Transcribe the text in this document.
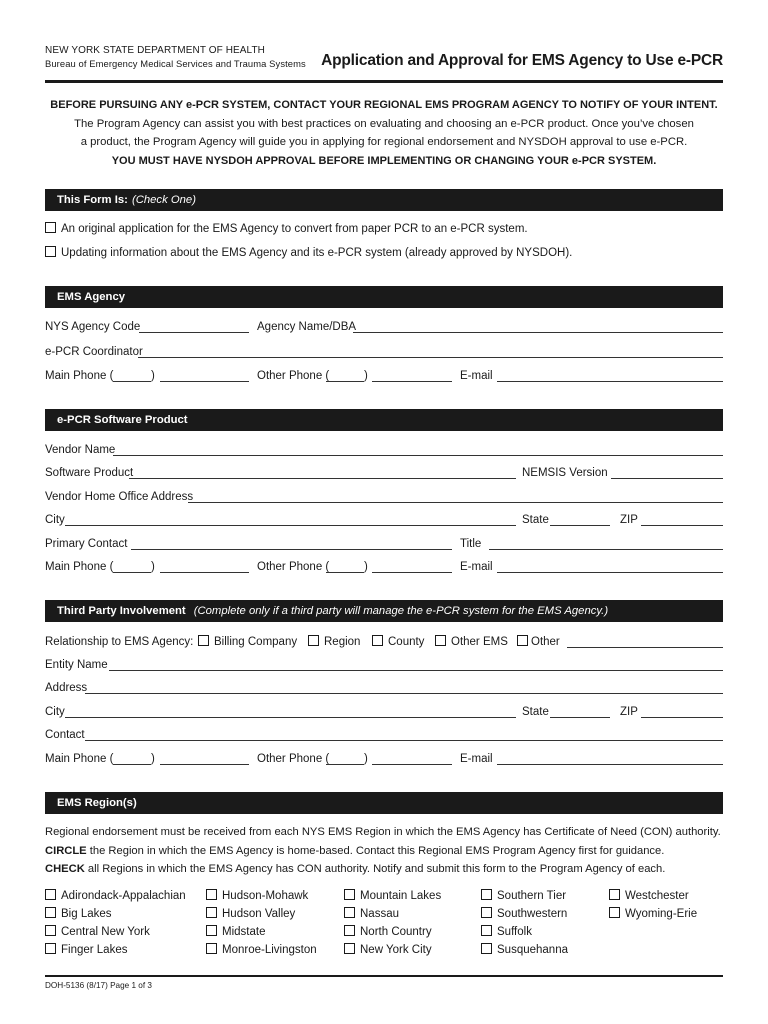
NEW YORK STATE DEPARTMENT OF HEALTH
Bureau of Emergency Medical Services and Trauma Systems Application and Approval for EMS Agency to Use e-PCR
BEFORE PURSUING ANY e-PCR SYSTEM, CONTACT YOUR REGIONAL EMS PROGRAM AGENCY TO NOTIFY OF YOUR INTENT.
The Program Agency can assist you with best practices on evaluating and choosing an e-PCR product. Once you’ve chosen
a product, the Program Agency will guide you in applying for regional endorsement and NYSDOH approval to use e-PCR.
YOU MUST HAVE NYSDOH APPROVAL BEFORE IMPLEMENTING OR CHANGING YOUR e-PCR SYSTEM.
This Form Is: (Check One)
An original application for the EMS Agency to convert from paper PCR to an e-PCR system.
Updating information about the EMS Agency and its e-PCR system (already approved by NYSDOH).
EMS Agency
NYS Agency Code	Agency Name/DBA
e-PCR Coordinator
Main Phone (	)	Other Phone (	)	E-mail
e-PCR Software Product
Vendor Name
Software Product	NEMSIS Version
Vendor Home Office Address
City	State	ZIP
Primary Contact	Title
Main Phone (	)	Other Phone (	)	E-mail
Third Party Involvement (Complete only if a third party will manage the e-PCR system for the EMS Agency.)
Relationship to EMS Agency:	Billing Company	Region	County	Other EMS	Other
Entity Name
Address
City	State	ZIP
Contact
Main Phone (	)	Other Phone (	)	E-mail
EMS Region(s)
Regional endorsement must be received from each NYS EMS Region in which the EMS Agency has Certificate of Need (CON) authority.
CIRCLE the Region in which the EMS Agency is home-based. Contact this Regional EMS Program Agency first for guidance.
CHECK all Regions in which the EMS Agency has CON authority. Notify and submit this form to the Program Agency of each.
Adirondack-Appalachian
Big Lakes
Central New York
Finger Lakes
Hudson-Mohawk
Hudson Valley
Midstate
Monroe-Livingston
Mountain Lakes
Nassau
North Country
New York City
Southern Tier
Southwestern
Suffolk
Susquehanna
Westchester
Wyoming-Erie
DOH-5136 (8/17) Page 1 of 3
